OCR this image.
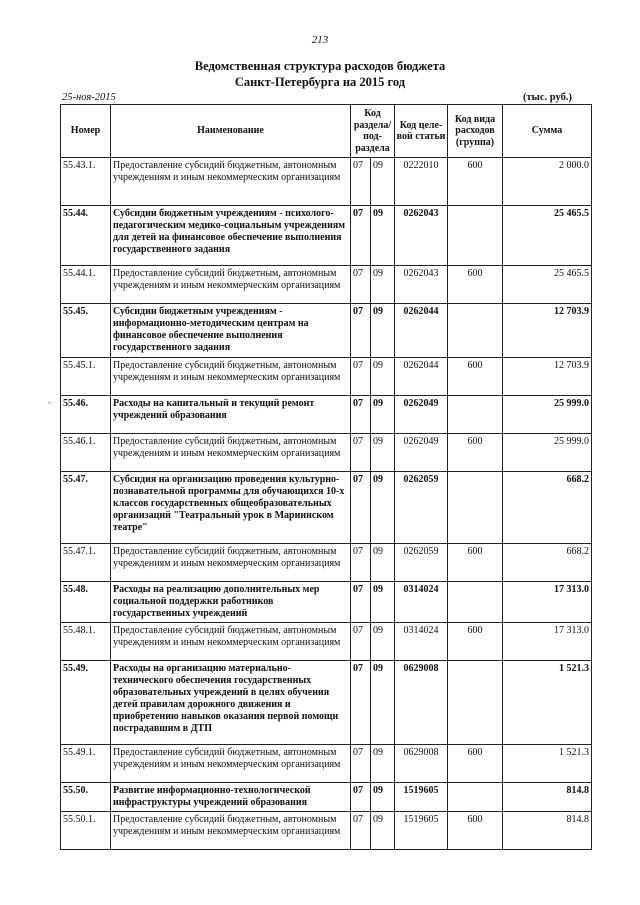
213
Ведомственная структура расходов бюджета
Санкт-Петербурга на 2015 год
25-ноя-2015	(тыс. руб.)
-
Номер	Наименование	Код раздела/ под- раздела		Код целе- вой статьи	Код вида расходов (группа)	Сумма
55.43.1.	Предоставление субсидий бюджетным, автономным учреждениям и иным некоммерческим организациям	07	09	0222010	600	2 000.0
55.44.	Субсидии бюджетным учреждениям - психолого-педагогическим медико-социальным учреждениям для детей на финансовое обеспечение выполнения государственного задания	07	09	0262043		25 465.5
55.44.1.	Предоставление субсидий бюджетным, автономным учреждениям и иным некоммерческим организациям	07	09	0262043	600	25 465.5
55.45.	Субсидии бюджетным учреждениям - информационно-методическим центрам на финансовое обеспечение выполнения государственного задания	07	09	0262044		12 703.9
55.45.1.	Предоставление субсидий бюджетным, автономным учреждениям и иным некоммерческим организациям	07	09	0262044	600	12 703.9
55.46.	Расходы на капитальный и текущий ремонт учреждений образования	07	09	0262049		25 999.0
55.46.1.	Предоставление субсидий бюджетным, автономным учреждениям и иным некоммерческим организациям	07	09	0262049	600	25 999.0
55.47.	Субсидия на организацию проведения культурно-познавательной программы для обучающихся 10-х классов государственных общеобразовательных организаций "Театральный урок в Мариинском театре"	07	09	0262059		668.2
55.47.1.	Предоставление субсидий бюджетным, автономным учреждениям и иным некоммерческим организациям	07	09	0262059	600	668.2
55.48.	Расходы на реализацию дополнительных мер социальной поддержки работников государственных учреждений	07	09	0314024		17 313.0
55.48.1.	Предоставление субсидий бюджетным, автономным учреждениям и иным некоммерческим организациям	07	09	0314024	600	17 313.0
55.49.	Расходы на организацию материально-технического обеспечения государственных образовательных учреждений в целях обучения детей правилам дорожного движения и приобретению навыков оказания первой помощи пострадавшим в ДТП	07	09	0629008		1 521.3
55.49.1.	Предоставление субсидий бюджетным, автономным учреждениям и иным некоммерческим организациям	07	09	0629008	600	1 521.3
55.50.	Развитие информационно-технологической инфраструктуры учреждений образования	07	09	1519605		814.8
55.50.1.	Предоставление субсидий бюджетным, автономным учреждениям и иным некоммерческим организациям	07	09	1519605	600	814.8
